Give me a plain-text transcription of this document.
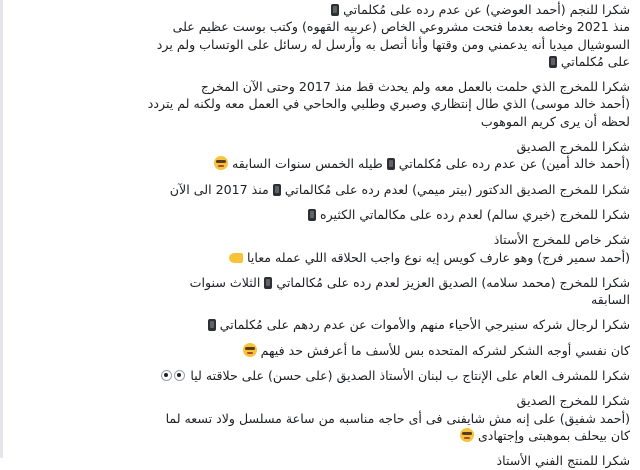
شكرا للنجم (أحمد العوضي) عن عدم رده على مُكلماتي
منذ 2021 وخاصه بعدما فتحت مشروعي الخاص (عربيه القهوه) وكتب بوست عظيم على
السوشيال ميديا أنه يدعمني ومن وقتها وأنا أتصل به وأرسل له رسائل على الوتساب ولم يرد
على مُكلماتي
شكرا للمخرج الذي حلمت بالعمل معه ولم يحدث قط منذ 2017 وحتى الآن المخرج
(أحمد خالد موسى) الذي طال إنتظاري وصبري وطلبي والحاحي في العمل معه ولكنه لم يتردد
لحظه أن يرى كريم الموهوب
شكرا للمخرج الصديق
(أحمد خالد أمين) عن عدم رده على مُكلماتيطيله الخمس سنوات السابقه
شكرا للمخرج الصديق الدكتور (بيتر ميمي) لعدم رده على مُكالماتيمنذ 2017 الى الآن
شكرا للمخرج (خيري سالم) لعدم رده على مكالماتي الكثيره
شكر خاص للمخرج الأستاذ
(أحمد سمير فرج) وهو عارف كويس إيه نوع واجب الحلاقه اللي عمله معايا
شكرا للمخرج (محمد سلامه) الصديق العزيز لعدم رده على مُكالماتيالثلاث سنوات
السابقه
شكرا لرجال شركه سنيرجي الأحياء منهم والأموات عن عدم ردهم على مُكلماتي
كان نفسي أوجه الشكر لشركه المتحده بس للأسف ما أعرفش حد فيهم
شكرا للمشرف العام على الإنتاج ب لبنان الأستاذ الصديق (على حسن) على حلاقته ليا
شكرا للمخرج الصديق
(أحمد شفيق) على إنه مش شايفنى فى أى حاجه مناسبه من ساعة مسلسل ولاد تسعه لما
كان بيحلف بموهبتى وإجتهادى
شكرا للمنتج الفني الأستاذ
